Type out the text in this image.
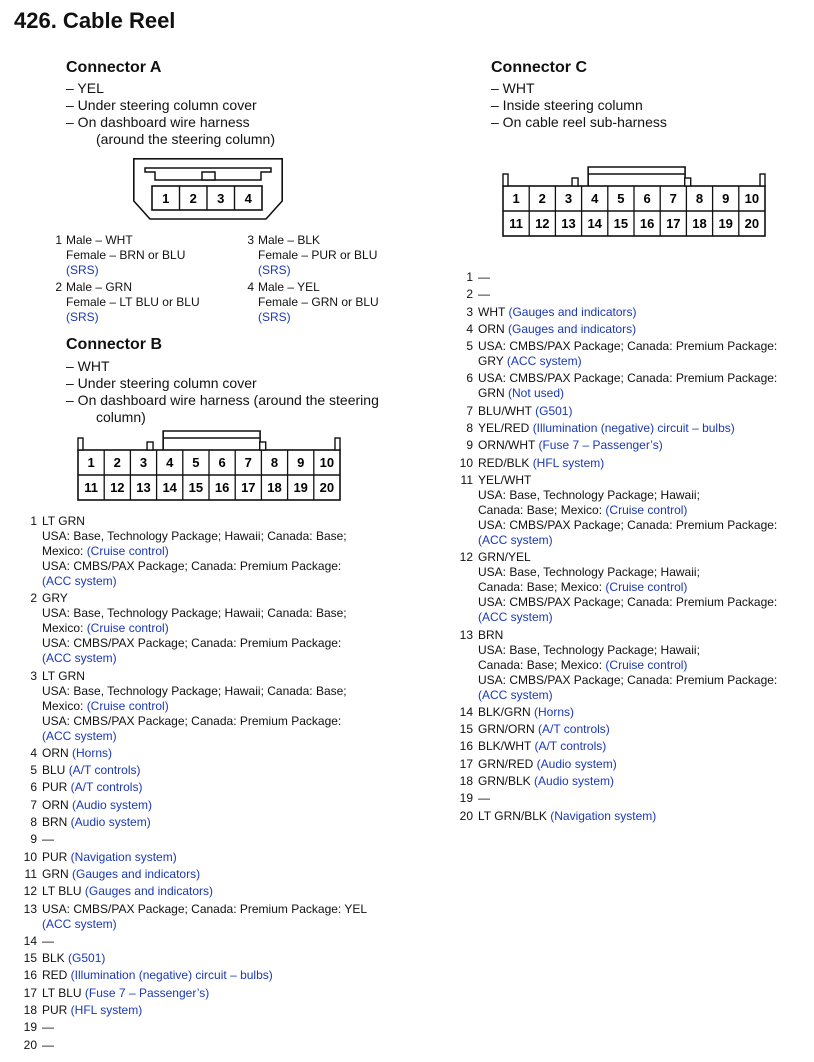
426. Cable Reel
Connector A
– YEL
– Under steering column cover
– On dashboard wire harness
(around the steering column)
1 2 3 4
1 Male – WHT
Female – BRN or BLU
(SRS)
2 Male – GRN
Female – LT BLU or BLU
(SRS)
3 Male – BLK
Female – PUR or BLU
(SRS)
4 Male – YEL
Female – GRN or BLU
(SRS)
Connector B
– WHT
– Under steering column cover
– On dashboard wire harness (around the steering
column)
1 2 3 4 5 6 7 8 9 10
11 12 13 14 15 16 17 18 19 20
1 LT GRN
USA: Base, Technology Package; Hawaii; Canada: Base;
Mexico: (Cruise control)
USA: CMBS/PAX Package; Canada: Premium Package:
(ACC system)
2 GRY
USA: Base, Technology Package; Hawaii; Canada: Base;
Mexico: (Cruise control)
USA: CMBS/PAX Package; Canada: Premium Package:
(ACC system)
3 LT GRN
USA: Base, Technology Package; Hawaii; Canada: Base;
Mexico: (Cruise control)
USA: CMBS/PAX Package; Canada: Premium Package:
(ACC system)
4 ORN (Horns)
5 BLU (A/T controls)
6 PUR (A/T controls)
7 ORN (Audio system)
8 BRN (Audio system)
9 —
10 PUR (Navigation system)
11 GRN (Gauges and indicators)
12 LT BLU (Gauges and indicators)
13 USA: CMBS/PAX Package; Canada: Premium Package: YEL
(ACC system)
14 —
15 BLK (G501)
16 RED (Illumination (negative) circuit – bulbs)
17 LT BLU (Fuse 7 – Passenger’s)
18 PUR (HFL system)
19 —
20 —
Connector C
– WHT
– Inside steering column
– On cable reel sub-harness
1 2 3 4 5 6 7 8 9 10
11 12 13 14 15 16 17 18 19 20
1 —
2 —
3 WHT (Gauges and indicators)
4 ORN (Gauges and indicators)
5 USA: CMBS/PAX Package; Canada: Premium Package:
GRY (ACC system)
6 USA: CMBS/PAX Package; Canada: Premium Package:
GRN (Not used)
7 BLU/WHT (G501)
8 YEL/RED (Illumination (negative) circuit – bulbs)
9 ORN/WHT (Fuse 7 – Passenger’s)
10 RED/BLK (HFL system)
11 YEL/WHT
USA: Base, Technology Package; Hawaii;
Canada: Base; Mexico: (Cruise control)
USA: CMBS/PAX Package; Canada: Premium Package:
(ACC system)
12 GRN/YEL
USA: Base, Technology Package; Hawaii;
Canada: Base; Mexico: (Cruise control)
USA: CMBS/PAX Package; Canada: Premium Package:
(ACC system)
13 BRN
USA: Base, Technology Package; Hawaii;
Canada: Base; Mexico: (Cruise control)
USA: CMBS/PAX Package; Canada: Premium Package:
(ACC system)
14 BLK/GRN (Horns)
15 GRN/ORN (A/T controls)
16 BLK/WHT (A/T controls)
17 GRN/RED (Audio system)
18 GRN/BLK (Audio system)
19 —
20 LT GRN/BLK (Navigation system)
